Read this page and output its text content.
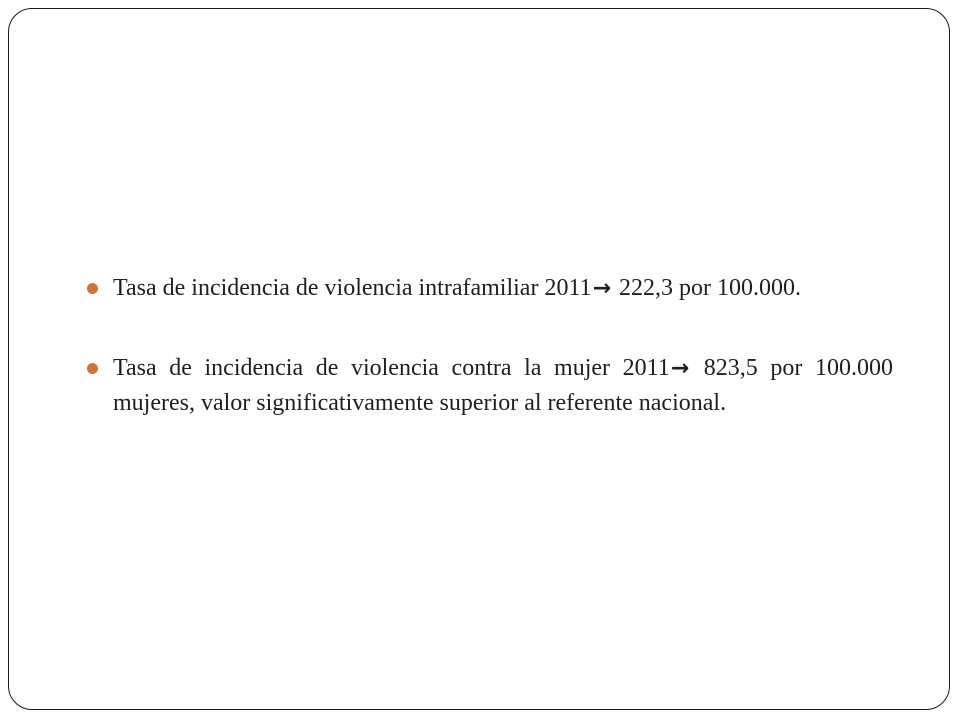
Tasa de incidencia de violencia intrafamiliar 2011→ 222,3 por 100.000.
Tasa de incidencia de violencia contra la mujer 2011→ 823,5 por 100.000 mujeres, valor significativamente superior al referente nacional.
